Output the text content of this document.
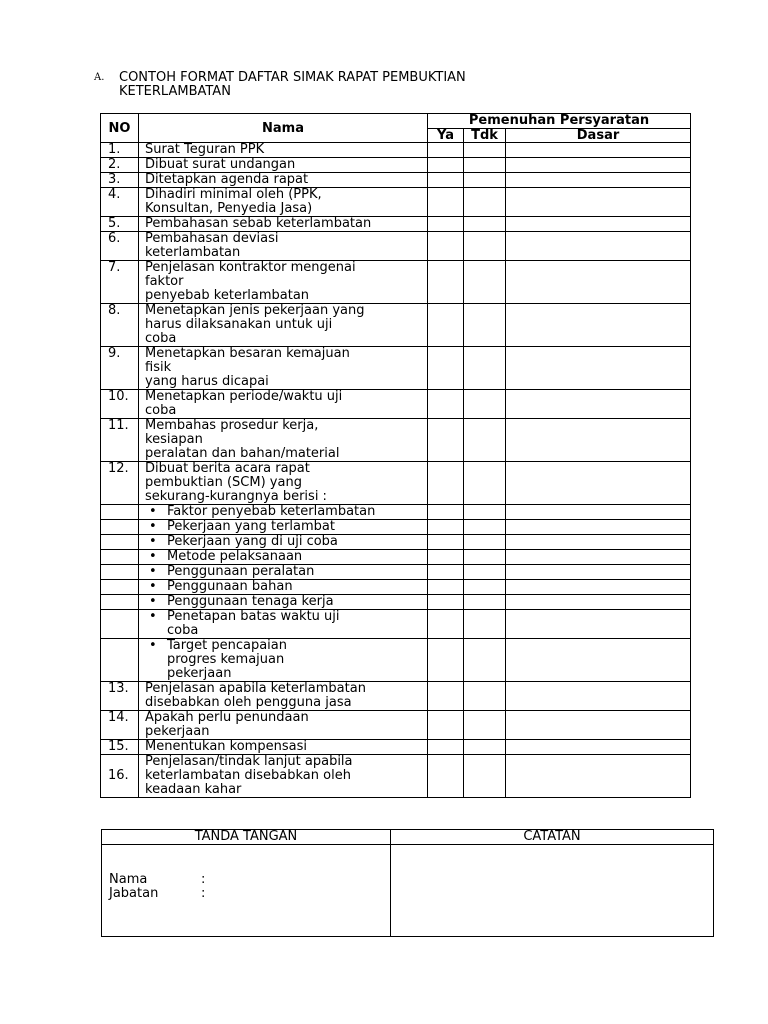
A. CONTOH FORMAT DAFTAR SIMAK RAPAT PEMBUKTIAN
KETERLAMBATAN
NO	Nama	Pemenuhan Persyaratan		
		Ya	Tdk	Dasar
1.	Surat Teguran PPK			

2.	Dibuat surat undangan			

3.	Ditetapkan agenda rapat			

4.	Dihadiri minimal oleh (PPK,
Konsultan, Penyedia Jasa)			

5.	Pembahasan sebab keterlambatan			

6.	Pembahasan deviasi
keterlambatan			

7.	Penjelasan kontraktor mengenai
faktor
penyebab keterlambatan			

8.	Menetapkan jenis pekerjaan yang
harus dilaksanakan untuk uji
coba			

9.	Menetapkan besaran kemajuan
fisik
yang harus dicapai			

10.	Menetapkan periode/waktu uji
coba			

11.	Membahas prosedur kerja,
kesiapan
peralatan dan bahan/material			

12.	Dibuat berita acara rapat
pembuktian (SCM) yang
sekurang-kurangnya berisi :			

	• Faktor penyebab keterlambatan			

	• Pekerjaan yang terlambat			

	• Pekerjaan yang di uji coba			

	• Metode pelaksanaan			

	• Penggunaan peralatan			

	• Penggunaan bahan			

	• Penggunaan tenaga kerja			

	• Penetapan batas waktu uji
coba			

	• Target pencapaian
progres kemajuan
pekerjaan			

13.	Penjelasan apabila keterlambatan
disebabkan oleh pengguna jasa			

14.	Apakah perlu penundaan
pekerjaan			

15.	Menentukan kompensasi			

16.	Penjelasan/tindak lanjut apabila
keterlambatan disebabkan oleh
keadaan kahar			

TANDA TANGAN	CATATAN

Nama :
Jabatan :	
